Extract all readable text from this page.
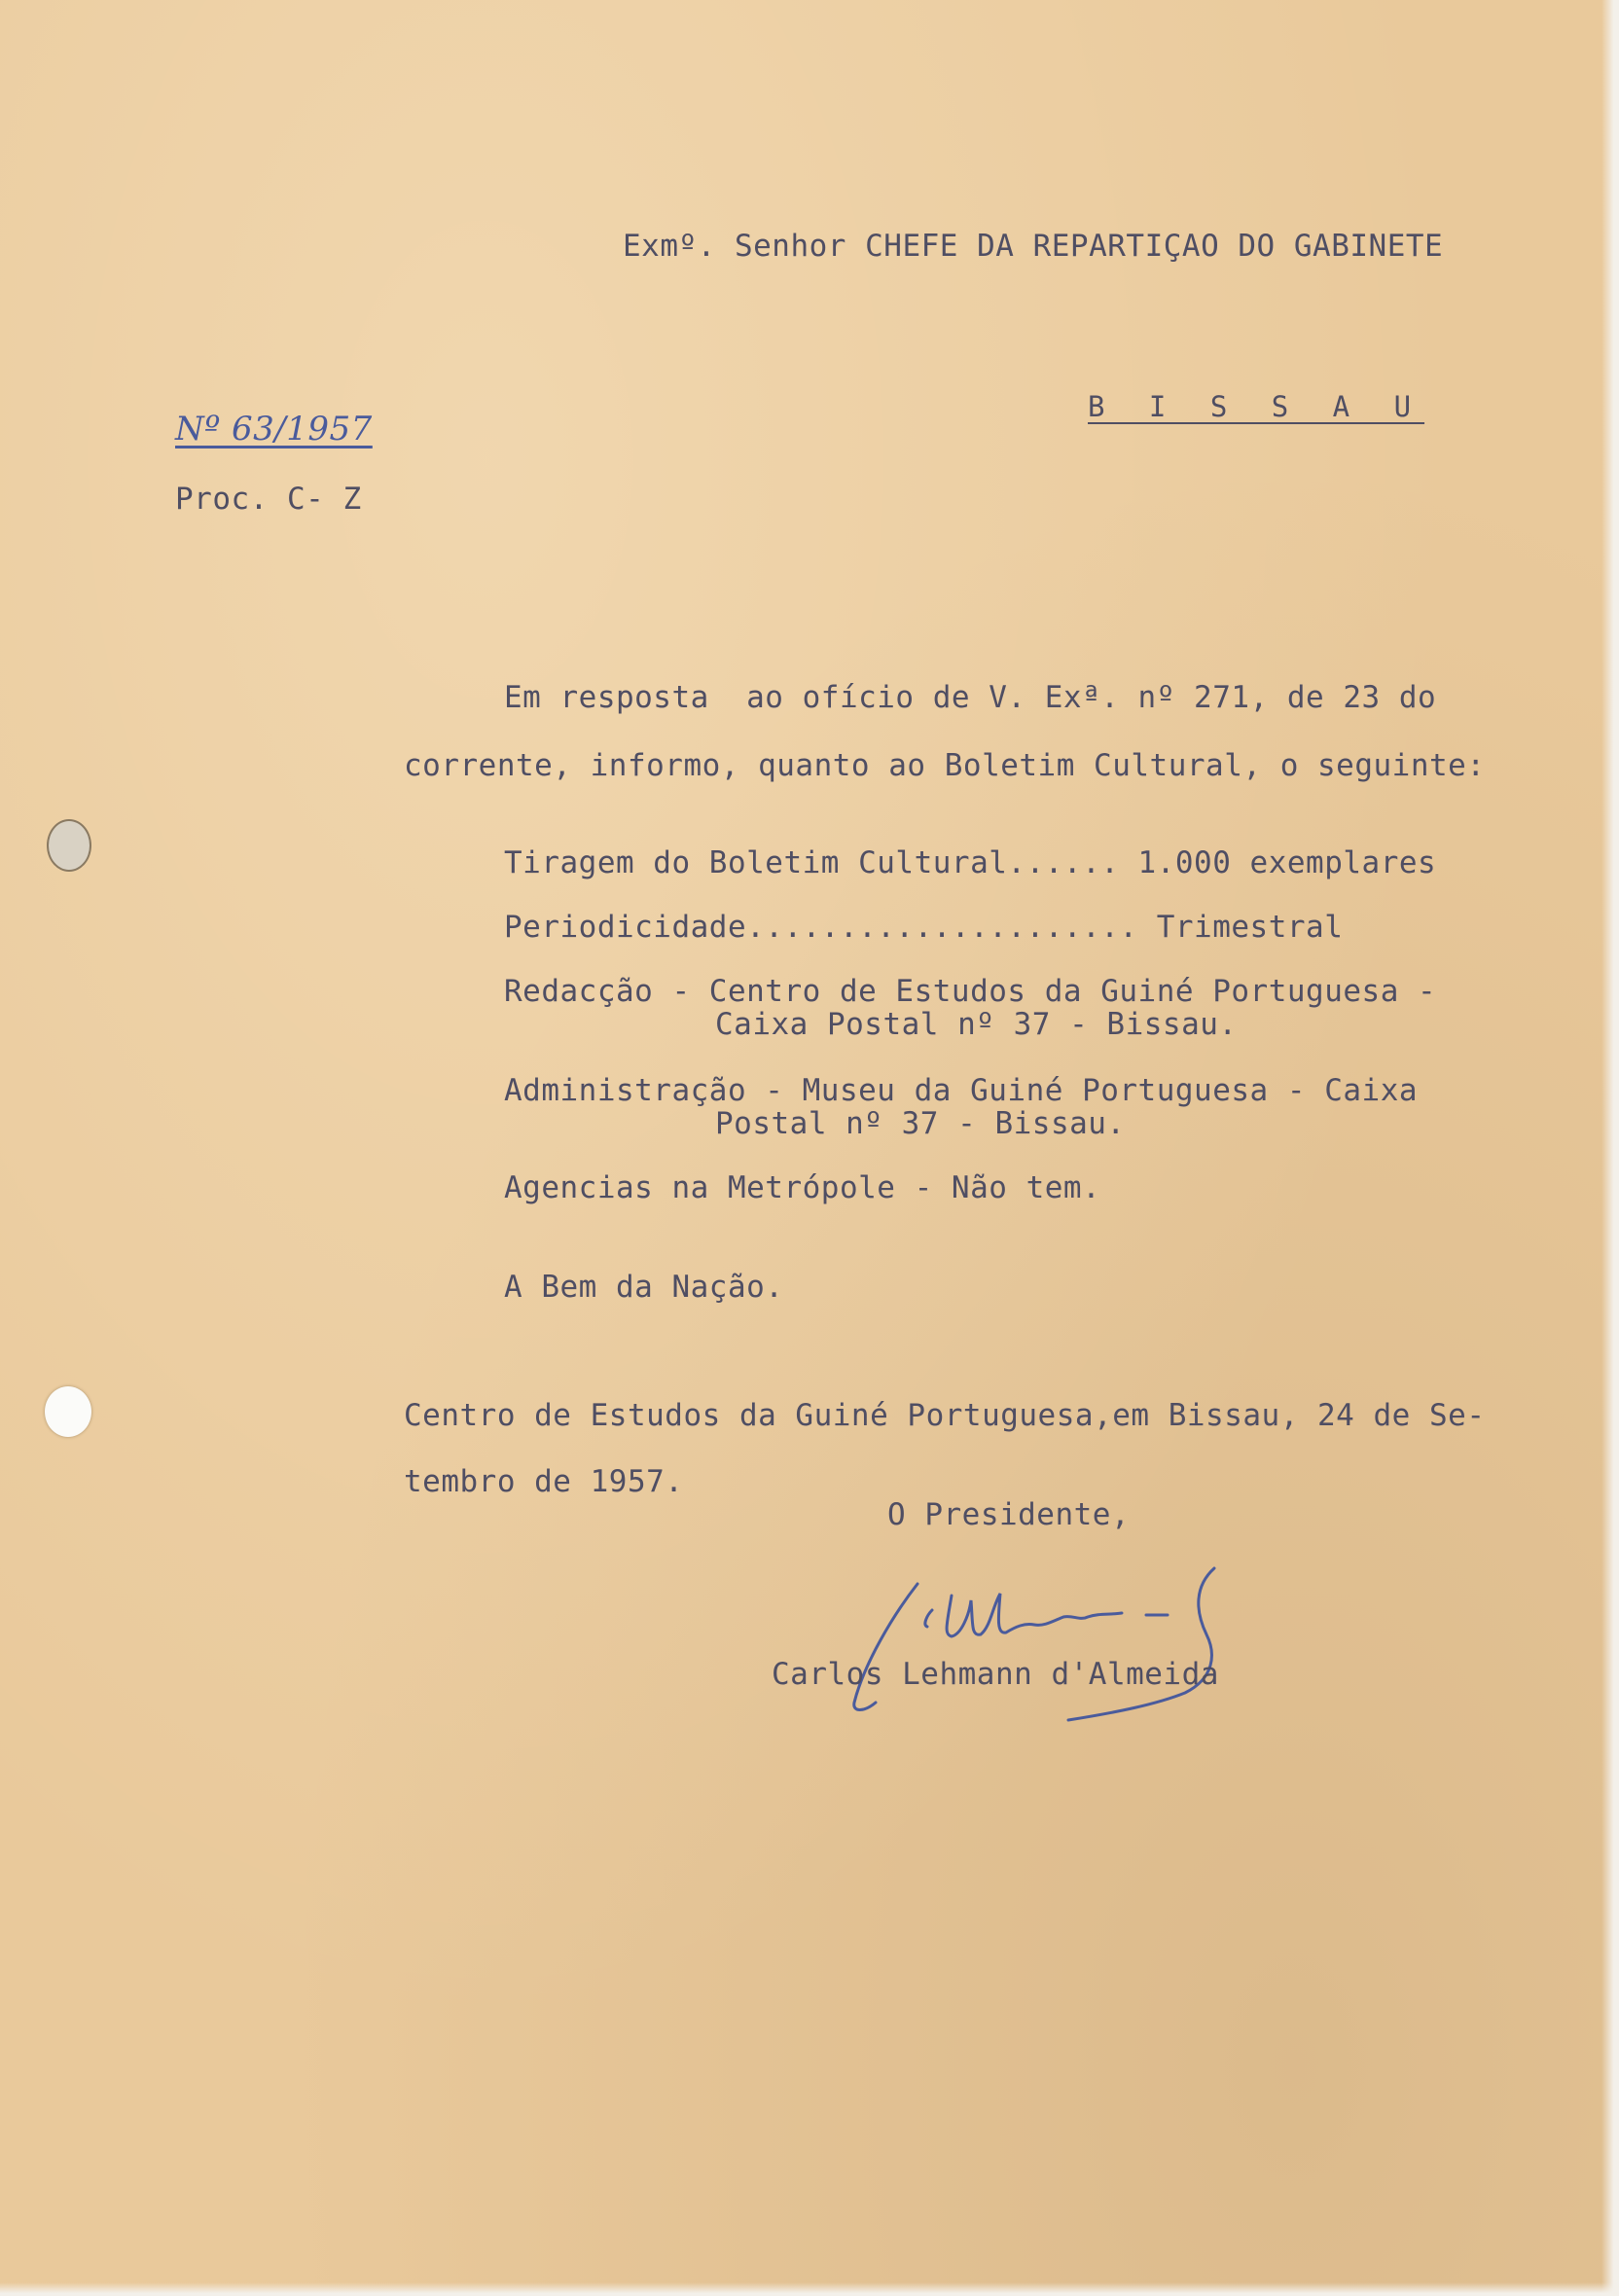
Exmº. Senhor CHEFE DA REPARTIÇAO DO GABINETE
B I S S A U
Nº 63/1957
Proc. C- Z
Em resposta  ao ofício de V. Exª. nº 271, de 23 do
corrente, informo, quanto ao Boletim Cultural, o seguinte:
Tiragem do Boletim Cultural...... 1.000 exemplares
Periodicidade..................... Trimestral
Redacção - Centro de Estudos da Guiné Portuguesa -
Caixa Postal nº 37 - Bissau.
Administração - Museu da Guiné Portuguesa - Caixa
Postal nº 37 - Bissau.
Agencias na Metrópole - Não tem.
A Bem da Nação.
Centro de Estudos da Guiné Portuguesa,em Bissau, 24 de Se-
tembro de 1957.
O Presidente,
Carlos Lehmann d'Almeida
